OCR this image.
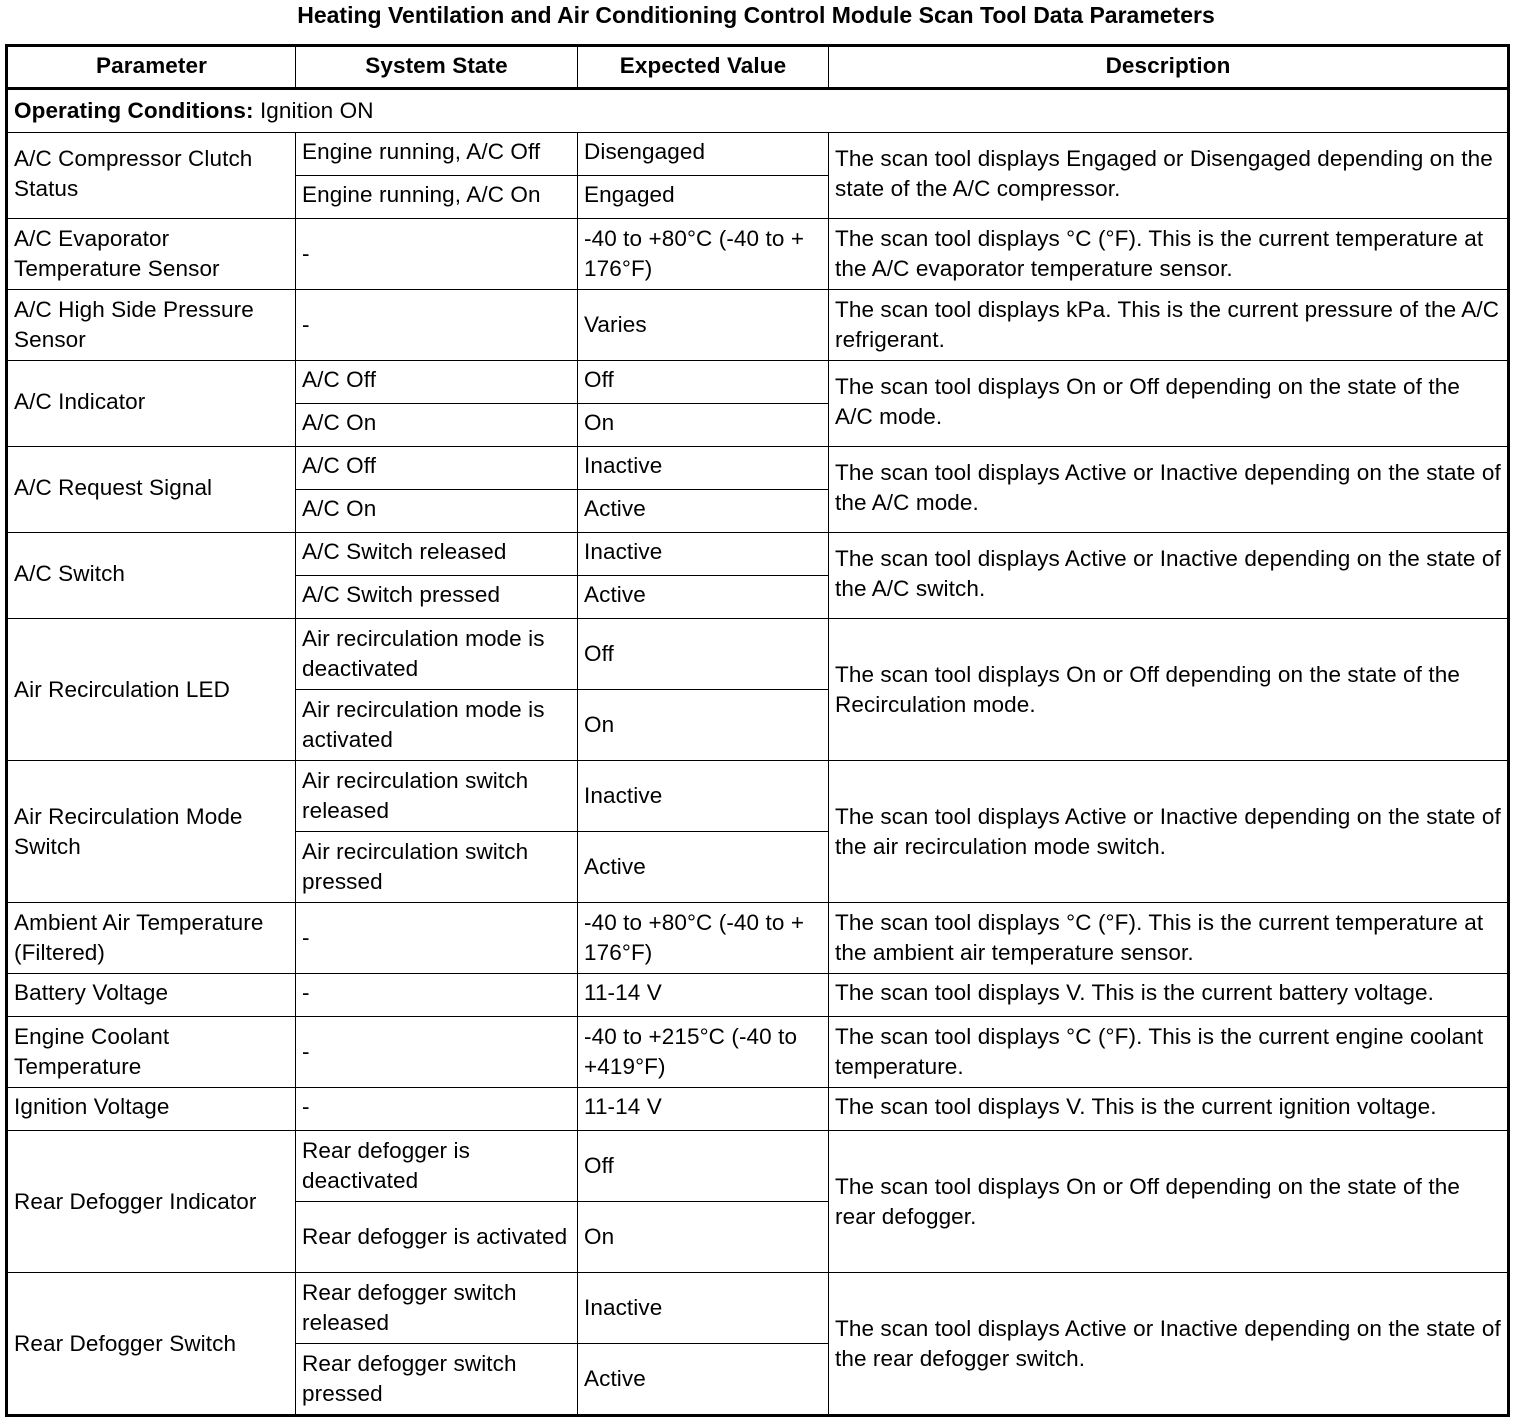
Heating Ventilation and Air Conditioning Control Module Scan Tool Data Parameters
Parameter	System State	Expected Value	Description
Operating Conditions: Ignition ON			
A/C Compressor Clutch Status	Engine running, A/C Off	Disengaged	The scan tool displays Engaged or Disengaged depending on the state of the A/C compressor.
	Engine running, A/C On	Engaged	
A/C Evaporator Temperature Sensor	-	-40 to +80°C (-40 to + 176°F)	The scan tool displays °C (°F). This is the current temperature at the A/C evaporator temperature sensor.
A/C High Side Pressure Sensor	-	Varies	The scan tool displays kPa. This is the current pressure of the A/C refrigerant.
A/C Indicator	A/C Off	Off	The scan tool displays On or Off depending on the state of the A/C mode.
	A/C On	On	
A/C Request Signal	A/C Off	Inactive	The scan tool displays Active or Inactive depending on the state of the A/C mode.
	A/C On	Active	
A/C Switch	A/C Switch released	Inactive	The scan tool displays Active or Inactive depending on the state of the A/C switch.
	A/C Switch pressed	Active	
Air Recirculation LED	Air recirculation mode is deactivated	Off	The scan tool displays On or Off depending on the state of the Recirculation mode.
	Air recirculation mode is activated	On	
Air Recirculation Mode Switch	Air recirculation switch released	Inactive	The scan tool displays Active or Inactive depending on the state of the air recirculation mode switch.
	Air recirculation switch pressed	Active	
Ambient Air Temperature (Filtered)	-	-40 to +80°C (-40 to + 176°F)	The scan tool displays °C (°F). This is the current temperature at the ambient air temperature sensor.
Battery Voltage	-	11-14 V	The scan tool displays V. This is the current battery voltage.
Engine Coolant Temperature	-	-40 to +215°C (-40 to +419°F)	The scan tool displays °C (°F). This is the current engine coolant temperature.
Ignition Voltage	-	11-14 V	The scan tool displays V. This is the current ignition voltage.
Rear Defogger Indicator	Rear defogger is deactivated	Off	The scan tool displays On or Off depending on the state of the rear defogger.
	Rear defogger is activated	On	
Rear Defogger Switch	Rear defogger switch released	Inactive	The scan tool displays Active or Inactive depending on the state of the rear defogger switch.
	Rear defogger switch pressed	Active	
